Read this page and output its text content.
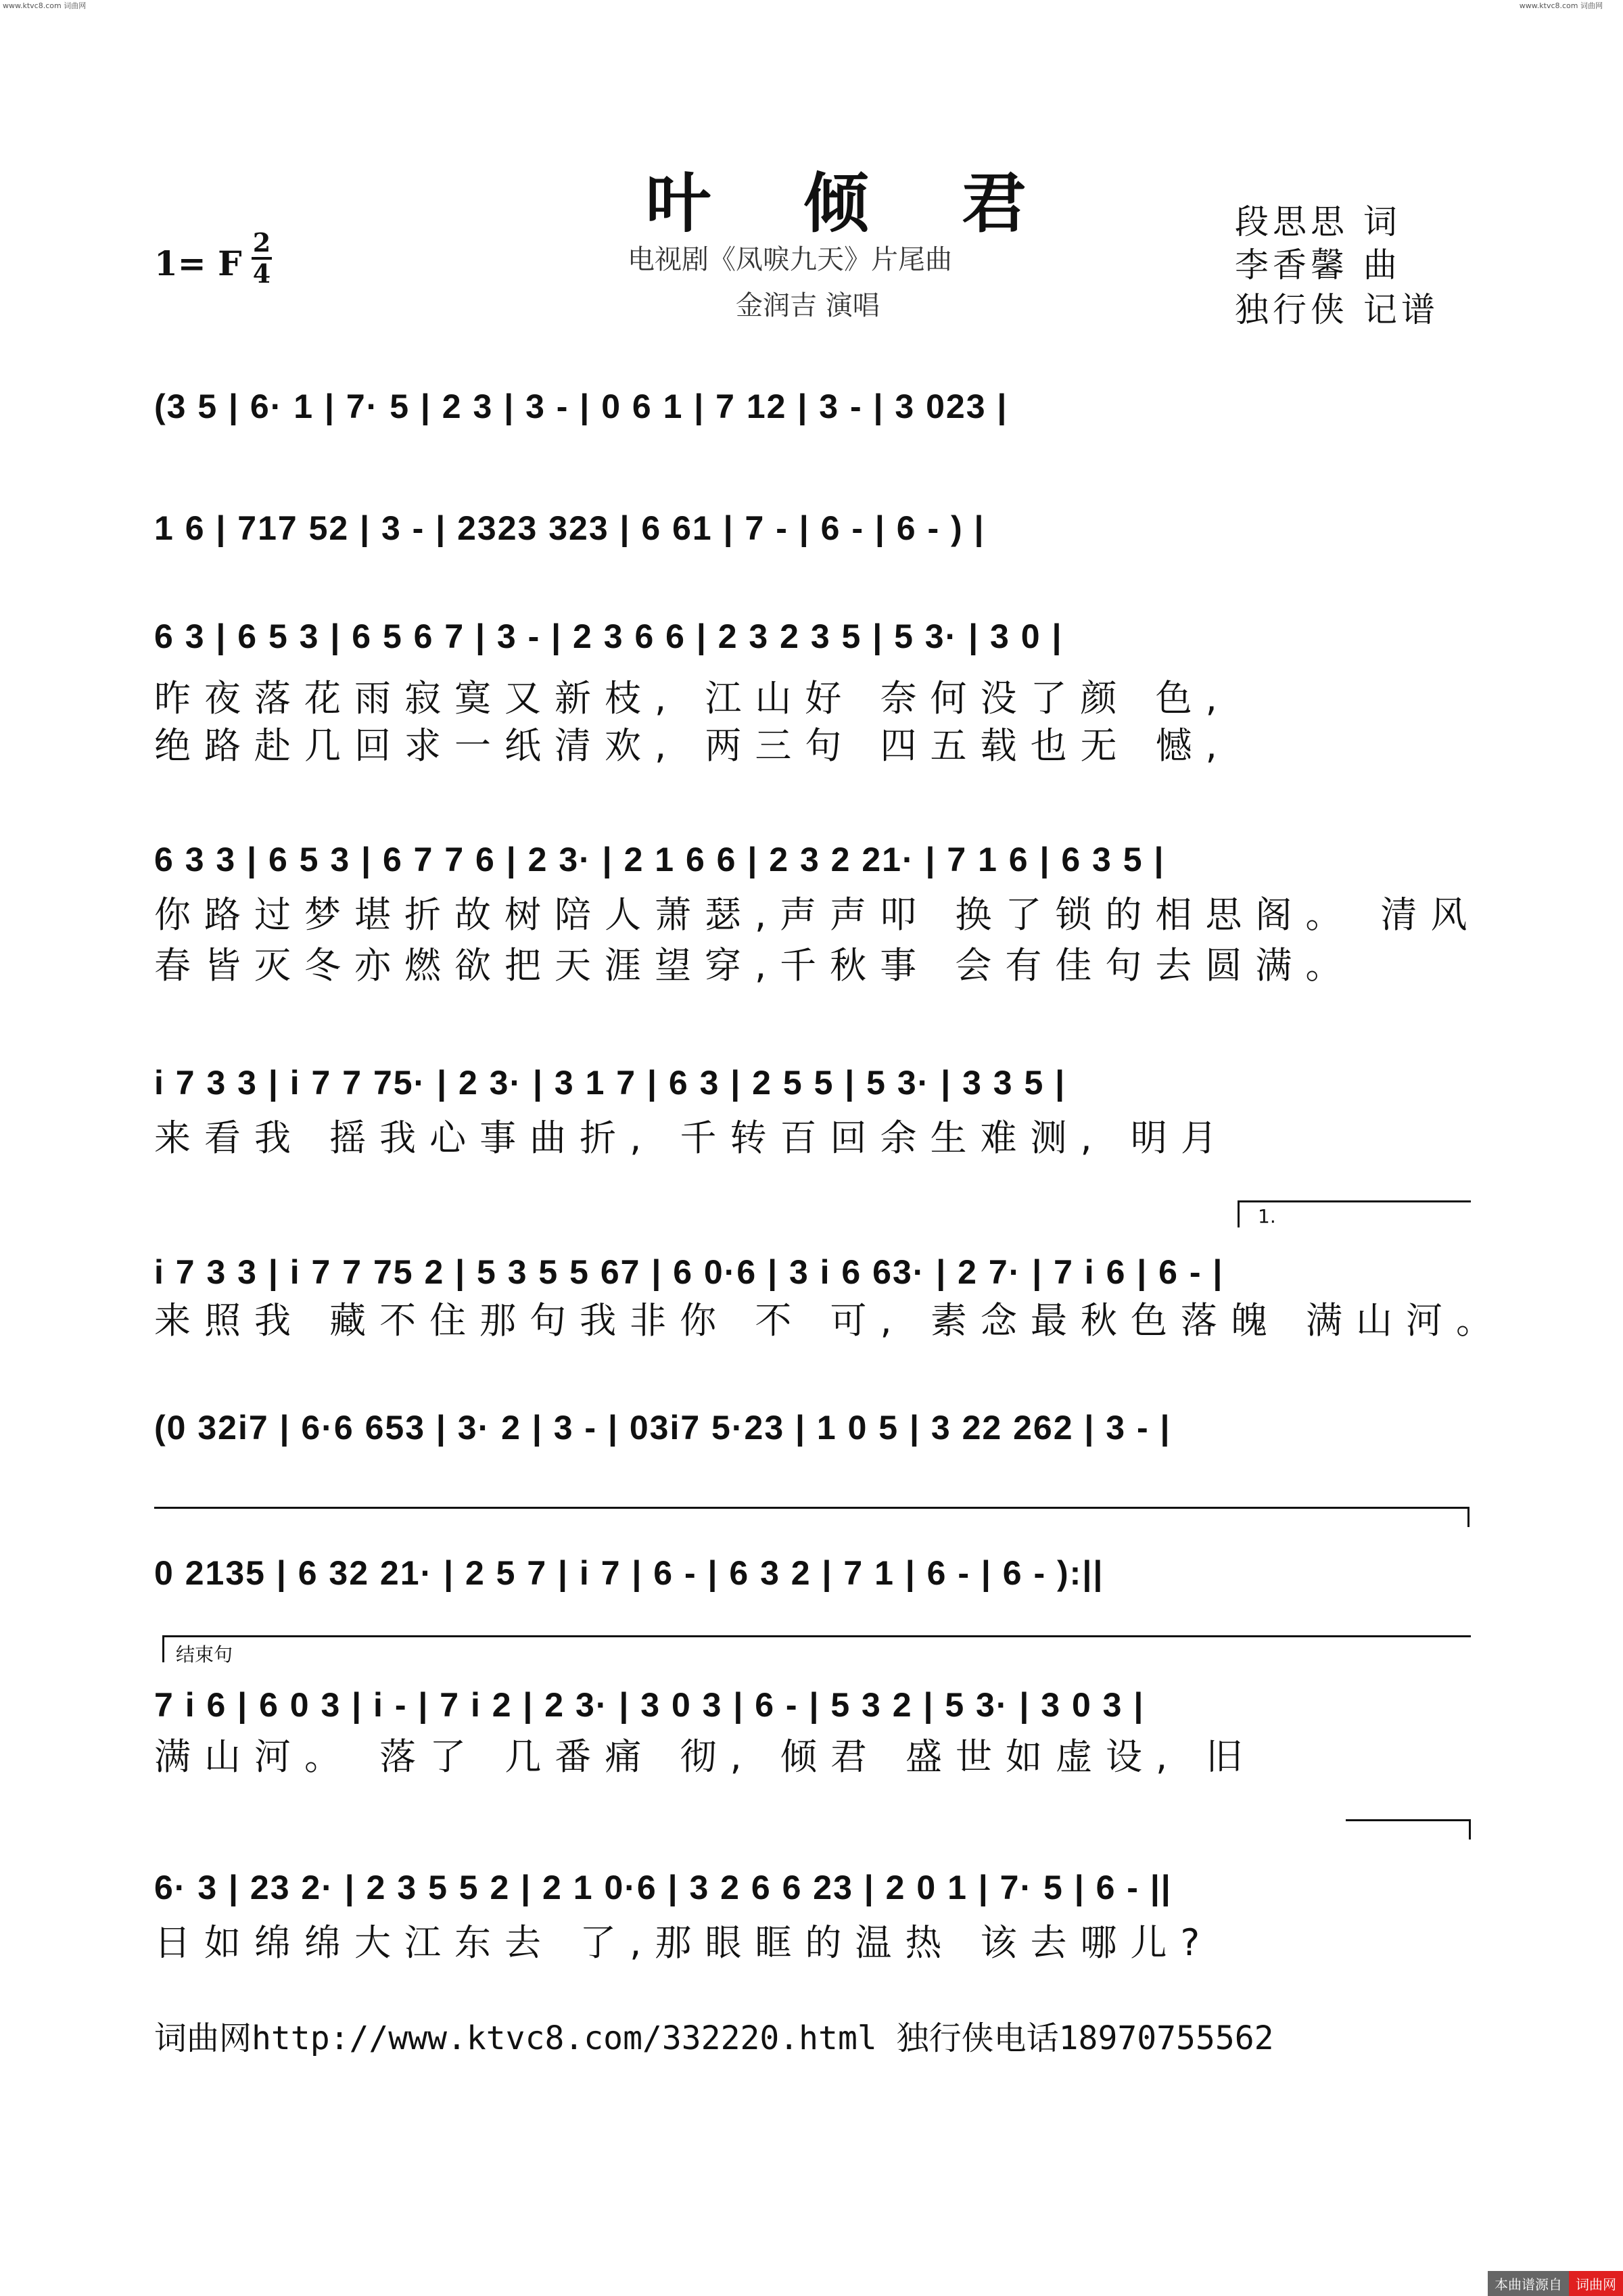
www.ktvc8.com 词曲网	www.ktvc8.com 词曲网
叶 倾 君
电视剧《凤唳九天》片尾曲
金润吉 演唱
1= F
2
4
段思思 词
李香馨 曲
独行侠 记谱
(3 5 | 6· 1 | 7· 5 | 2 3 | 3 - | 0 6 1 | 7 12 | 3 - | 3 023 |
1 6 | 717 52 | 3 - | 2323 323 | 6 61 | 7 - | 6 - | 6 - ) |
6 3 | 6 5 3 | 6 5 6 7 | 3 - | 2 3 6 6 | 2 3 2 3 5 | 5 3· | 3 0 |
昨夜落花雨寂寞又新枝, 江山好 奈何没了颜 色,
绝路赴几回求一纸清欢, 两三句 四五载也无 憾,
6 3 3 | 6 5 3 | 6 7 7 6 | 2 3· | 2 1 6 6 | 2 3 2 21· | 7 1 6 | 6 3 5 |
你路过梦堪折故树陪人萧瑟,声声叩 换了锁的相思阁。 清风
春皆灭冬亦燃欲把天涯望穿,千秋事 会有佳句去圆满。
i 7 3 3 | i 7 7 75· | 2 3· | 3 1 7 | 6 3 | 2 5 5 | 5 3· | 3 3 5 |
来看我 摇我心事曲折, 千转百回余生难测, 明月
1.
i 7 3 3 | i 7 7 75 2 | 5 3 5 5 67 | 6 0·6 | 3 i 6 63· | 2 7· | 7 i 6 | 6 - |
来照我 藏不住那句我非你 不 可, 素念最秋色落魄 满山河。
(0 32i7 | 6·6 653 | 3· 2 | 3 - | 03i7 5·23 | 1 0 5 | 3 22 262 | 3 - |
0 2135 | 6 32 21· | 2 5 7 | i 7 | 6 - | 6 3 2 | 7 1 | 6 - | 6 - ):||
结束句
7 i 6 | 6 0 3 | i - | 7 i 2 | 2 3· | 3 0 3 | 6 - | 5 3 2 | 5 3· | 3 0 3 |
满山河。 落了 几番痛 彻, 倾君 盛世如虚设, 旧
6· 3 | 23 2· | 2 3 5 5 2 | 2 1 0·6 | 3 2 6 6 23 | 2 0 1 | 7· 5 | 6 - ||
日如绵绵大江东去 了,那眼眶的温热 该去哪儿?
词曲网http://www.ktvc8.com/332220.html 独行侠电话18970755562
本曲谱源自 词曲网
